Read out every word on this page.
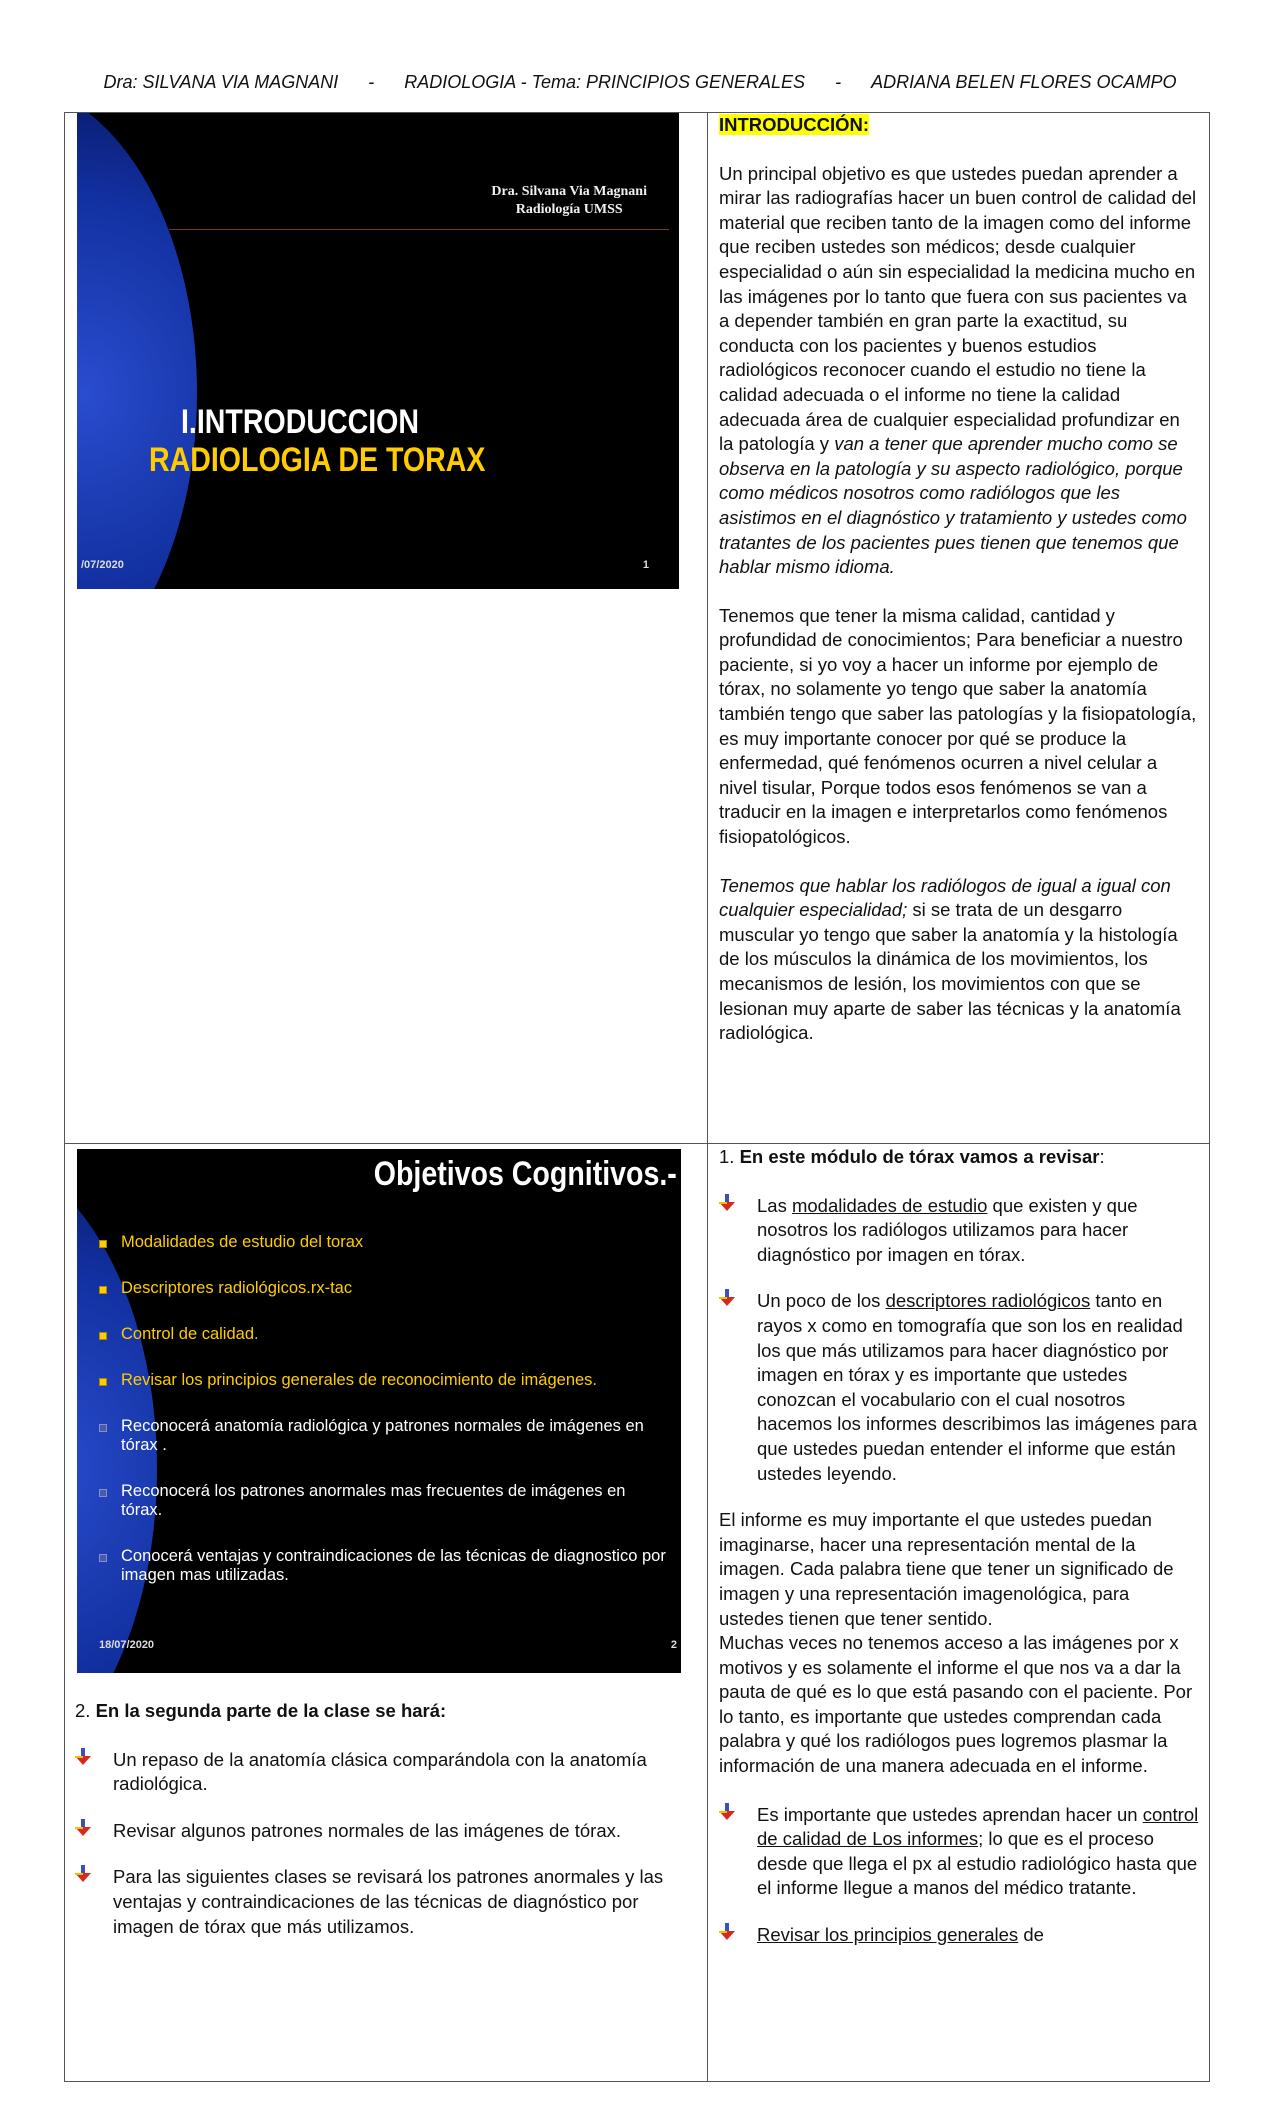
Dra: SILVANA VIA MAGNANI
-
RADIOLOGIA - Tema: PRINCIPIOS GENERALES
-
ADRIANA BELEN FLORES OCAMPO
Dra. Silvana Via Magnani
Radiología UMSS
I.INTRODUCCION
RADIOLOGIA DE TORAX
/07/2020	1

INTRODUCCIÓN:

Un principal objetivo es que ustedes puedan aprender a mirar las radiografías hacer un buen control de calidad del material que reciben tanto de la imagen como del informe que reciben ustedes son médicos; desde cualquier especialidad o aún sin especialidad la medicina mucho en las imágenes por lo tanto que fuera con sus pacientes va a depender también en gran parte la exactitud, su conducta con los pacientes y buenos estudios radiológicos reconocer cuando el estudio no tiene la calidad adecuada o el informe no tiene la calidad adecuada área de cualquier especialidad profundizar en la patología y van a tener que aprender mucho como se observa en la patología y su aspecto radiológico, porque como médicos nosotros como radiólogos que les asistimos en el diagnóstico y tratamiento y ustedes como tratantes de los pacientes pues tienen que tenemos que hablar mismo idioma.

Tenemos que tener la misma calidad, cantidad y profundidad de conocimientos; Para beneficiar a nuestro paciente, si yo voy a hacer un informe por ejemplo de tórax, no solamente yo tengo que saber la anatomía también tengo que saber las patologías y la fisiopatología, es muy importante conocer por qué se produce la enfermedad, qué fenómenos ocurren a nivel celular a nivel tisular, Porque todos esos fenómenos se van a traducir en la imagen e interpretarlos como fenómenos fisiopatológicos.

Tenemos que hablar los radiólogos de igual a igual con cualquier especialidad; si se trata de un desgarro muscular yo tengo que saber la anatomía y la histología de los músculos la dinámica de los movimientos, los mecanismos de lesión, los movimientos con que se lesionan muy aparte de saber las técnicas y la anatomía radiológica.

Objetivos Cognitivos.-
Modalidades de estudio del torax
Descriptores radiológicos.rx-tac
Control de calidad.
Revisar los principios generales de reconocimiento de imágenes.
Reconocerá anatomía radiológica y patrones normales de imágenes en tórax .
Reconocerá los patrones anormales mas frecuentes de imágenes en tórax.
Conocerá ventajas y contraindicaciones de las técnicas de diagnostico por imagen mas utilizadas.
18/07/2020	2

2. En la segunda parte de la clase se hará:

Un repaso de la anatomía clásica comparándola con la anatomía radiológica.
Revisar algunos patrones normales de las imágenes de tórax.
Para las siguientes clases se revisará los patrones anormales y las ventajas y contraindicaciones de las técnicas de diagnóstico por imagen de tórax que más utilizamos.

1. En este módulo de tórax vamos a revisar:

Las modalidades de estudio que existen y que nosotros los radiólogos utilizamos para hacer diagnóstico por imagen en tórax.
Un poco de los descriptores radiológicos tanto en rayos x como en tomografía que son los en realidad los que más utilizamos para hacer diagnóstico por imagen en tórax y es importante que ustedes conozcan el vocabulario con el cual nosotros hacemos los informes describimos las imágenes para que ustedes puedan entender el informe que están ustedes leyendo.

El informe es muy importante el que ustedes puedan imaginarse, hacer una representación mental de la imagen. Cada palabra tiene que tener un significado de imagen y una representación imagenológica, para ustedes tienen que tener sentido.

Muchas veces no tenemos acceso a las imágenes por x motivos y es solamente el informe el que nos va a dar la pauta de qué es lo que está pasando con el paciente. Por lo tanto, es importante que ustedes comprendan cada palabra y qué los radiólogos pues logremos plasmar la información de una manera adecuada en el informe.

Es importante que ustedes aprendan hacer un control de calidad de Los informes; lo que es el proceso desde que llega el px al estudio radiológico hasta que el informe llegue a manos del médico tratante.
Revisar los principios generales de
